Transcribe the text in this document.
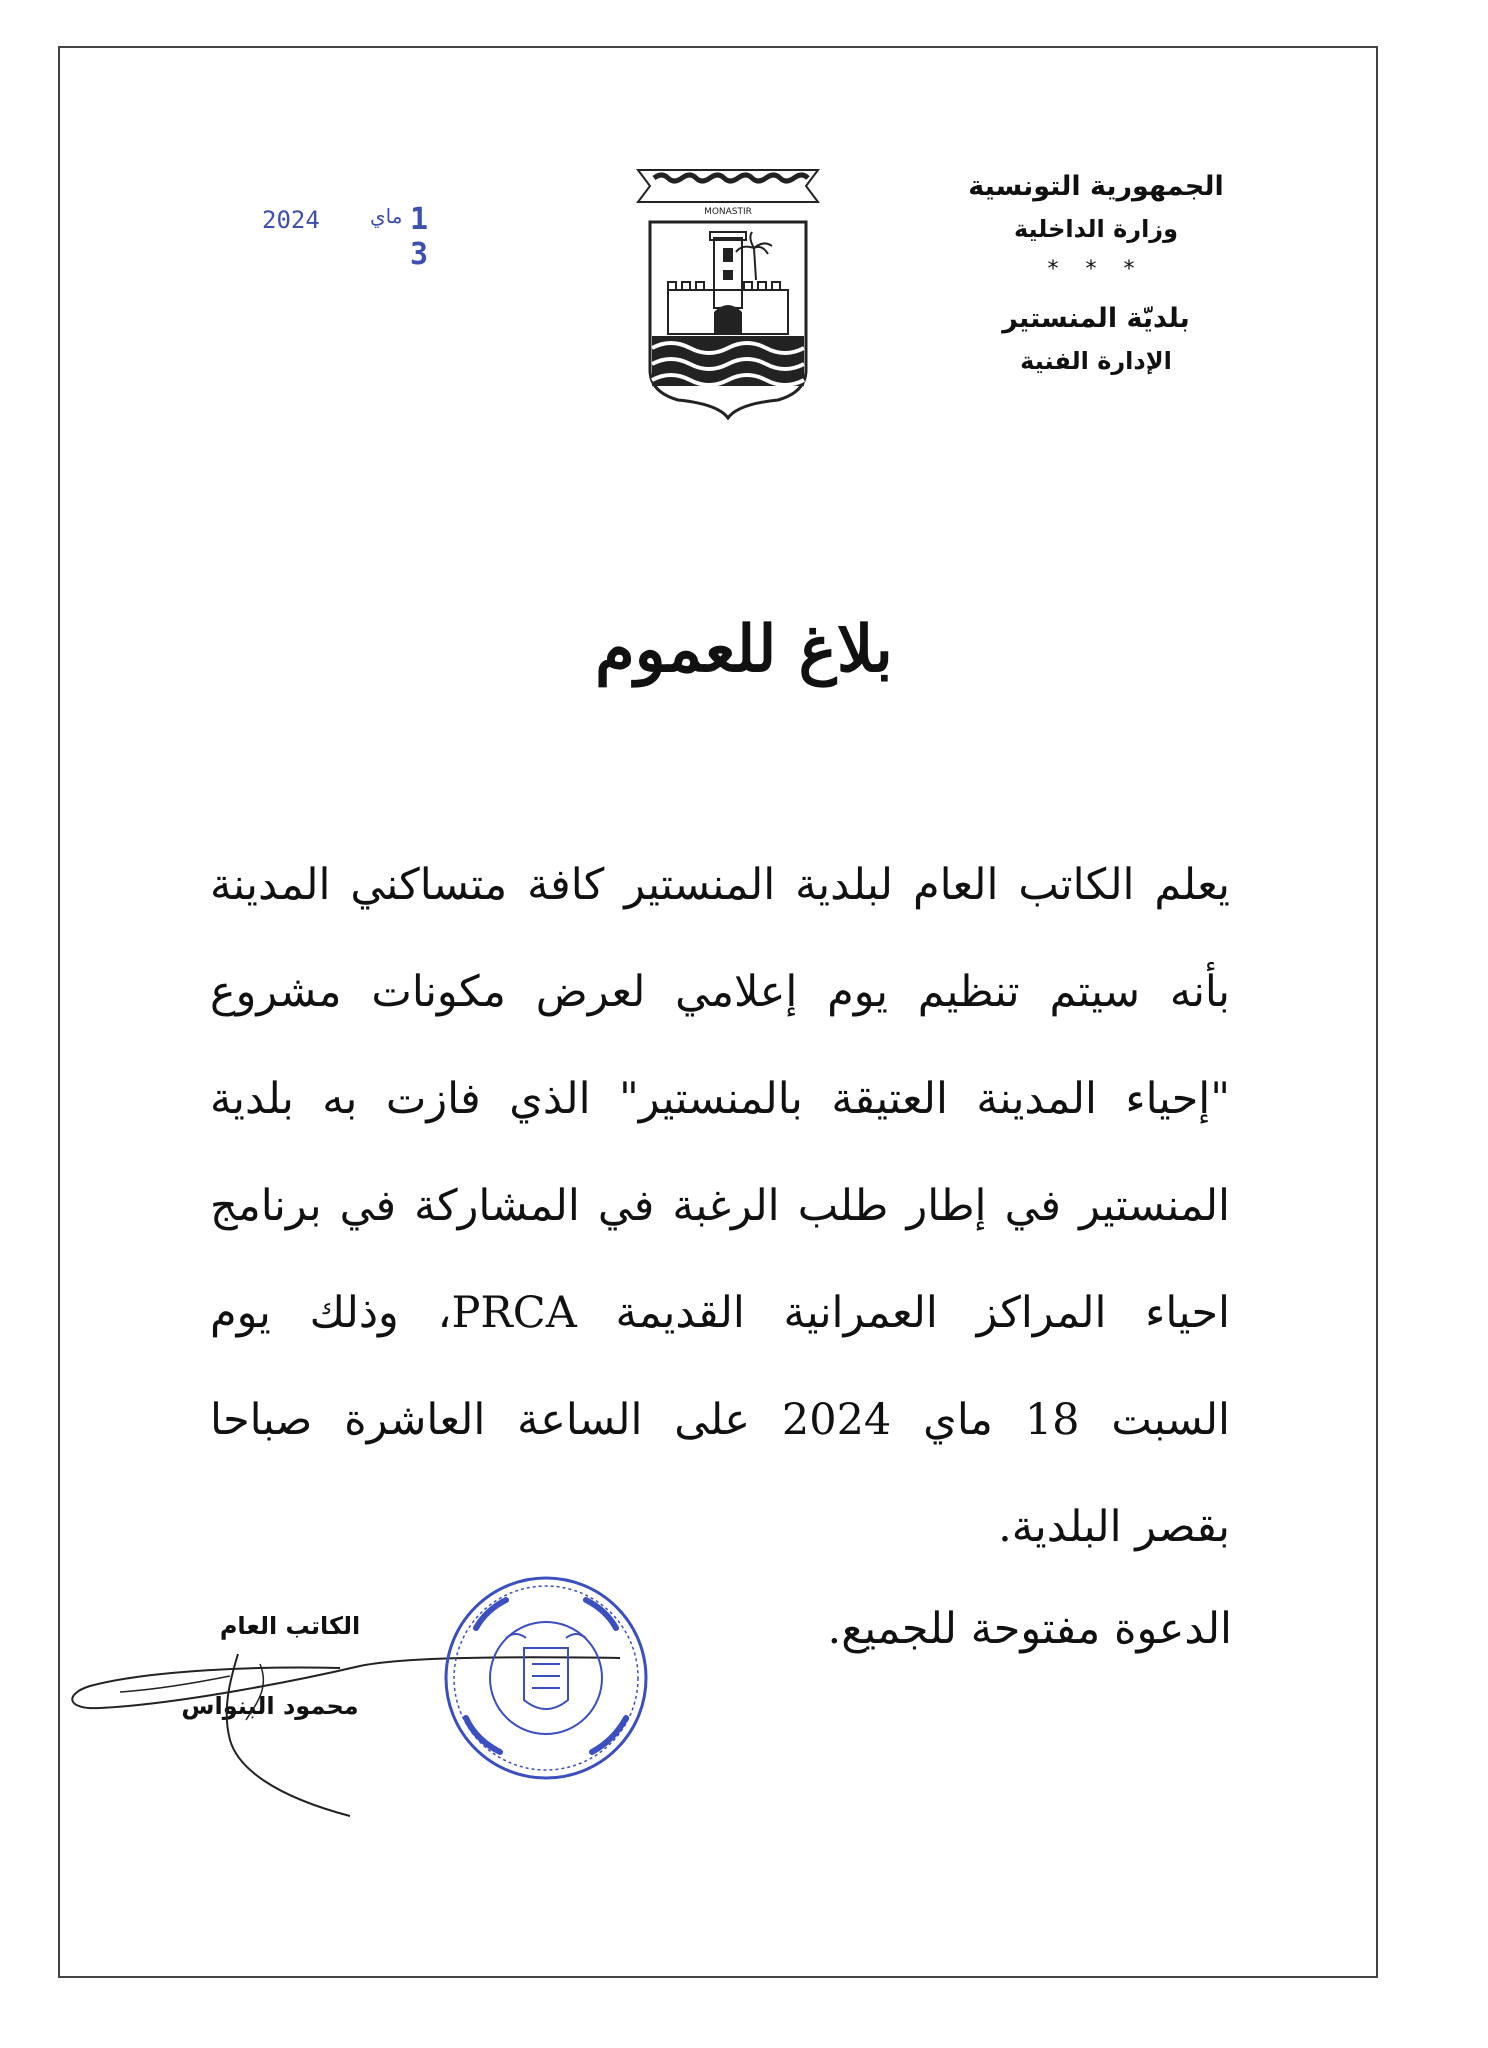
الجمهورية التونسية
وزارة الداخلية
* * *
بلديّة المنستير
الإدارة الفنية
MONASTIR
2024	ماي 1 3
بلاغ للعموم
يعلم الكاتب العام لبلدية المنستير كافة متساكني المدينة
بأنه سيتم تنظيم يوم إعلامي لعرض مكونات مشروع
"إحياء المدينة العتيقة بالمنستير" الذي فازت به بلدية
المنستير في إطار طلب الرغبة في المشاركة في برنامج
احياء المراكز العمرانية القديمة PRCA، وذلك يوم
السبت 18 ماي 2024 على الساعة العاشرة صباحا
بقصر البلدية.
الدعوة مفتوحة للجميع.
الكاتب العام
محمود البنواس
